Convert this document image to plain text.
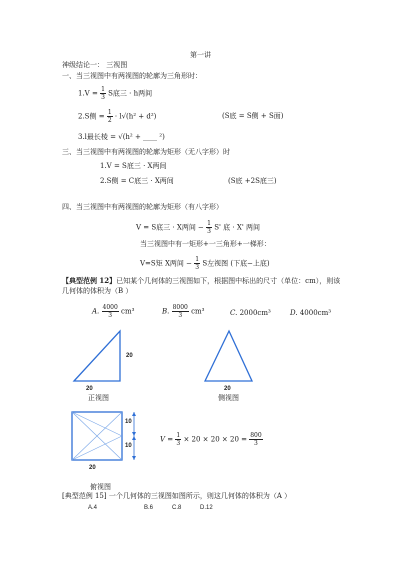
第一讲
神级结论一： 三视图
一、当三视图中有两视图的轮廓为三角形时：
$1.V = \frac{1}{3}$ S底三 · h两间
2.S侧 = $\frac{1}{2} \cdot l√(h^2 + d^2)$	(S底 = S侧 + S面)
3.l最长棱 = √(h² + ____ ²)
三、当三视图中有两视图的轮廓为矩形（无八字形）时
1.V = S底三 · X两间
2.S侧 = C底三 · X两间	(S底 +2S底三)
四、当三视图中有两视图的轮廓为矩形（有八字形）
V = S底三 · X两间 − $\frac{1}{3} S'$ 底 · X' 两间
当三视图中有一矩形+一三角形+一梯形：
V=S矩 X两间 − $\frac{1}{3}$ S左视图 (下底−上底)
【典型范例 12】已知某个几何体的三视图如下，根据图中标出的尺寸（单位：cm），则该
几何体的体积为（B ）
A. $\frac{4000}{3} cm^3$	B. $\frac{8000}{3} cm^3$	C. 2000cm³	D. 4000cm³
20
20	20
正视图	侧视图
10
10
20
$V = \frac{1}{3} \times 20 \times 20 \times 20 = \frac{800}{3}$
俯视图
[典型范例 15] 一个几何体的三视图如图所示，则这几何体的体积为（A ）
A.4	B.6	C.8	D.12
